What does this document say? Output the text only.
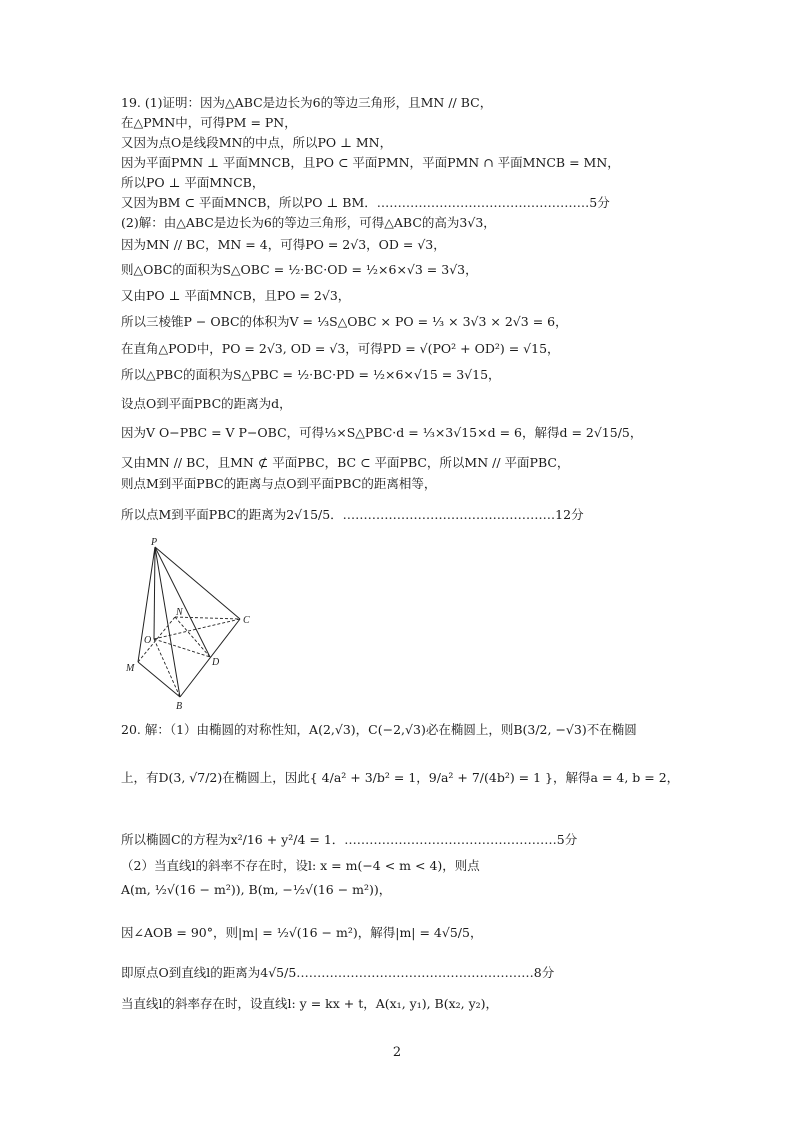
19. (1)证明：因为△ABC是边长为6的等边三角形，且MN // BC，
在△PMN中，可得PM = PN，
又因为点O是线段MN的中点，所以PO ⊥ MN，
因为平面PMN ⊥ 平面MNCB，且PO ⊂ 平面PMN，平面PMN ∩ 平面MNCB = MN，
所以PO ⊥ 平面MNCB，
又因为BM ⊂ 平面MNCB，所以PO ⊥ BM．……………………………………………5分
(2)解：由△ABC是边长为6的等边三角形，可得△ABC的高为3√3，
因为MN // BC，MN = 4，可得PO = 2√3，OD = √3，
则△OBC的面积为S△OBC = ½·BC·OD = ½×6×√3 = 3√3，
又由PO ⊥ 平面MNCB，且PO = 2√3，
所以三棱锥P − OBC的体积为V = ⅓S△OBC × PO = ⅓ × 3√3 × 2√3 = 6，
在直角△POD中，PO = 2√3, OD = √3，可得PD = √(PO² + OD²) = √15，
所以△PBC的面积为S△PBC = ½·BC·PD = ½×6×√15 = 3√15，
设点O到平面PBC的距离为d，
因为V O−PBC = V P−OBC，可得⅓×S△PBC·d = ⅓×3√15×d = 6，解得d = 2√15/5，
又由MN // BC，且MN ⊄ 平面PBC，BC ⊂ 平面PBC，所以MN // 平面PBC，
则点M到平面PBC的距离与点O到平面PBC的距离相等，
所以点M到平面PBC的距离为2√15/5．……………………………………………12分
20. 解：（1）由椭圆的对称性知，A(2,√3)，C(−2,√3)必在椭圆上，则B(3/2, −√3)不在椭圆
上，有D(3, √7/2)在椭圆上，因此{ 4/a² + 3/b² = 1，9/a² + 7/(4b²) = 1 }，解得a = 4, b = 2，
所以椭圆C的方程为x²/16 + y²/4 = 1．……………………………………………5分
（2）当直线l的斜率不存在时，设l: x = m(−4 < m < 4)，则点
A(m, ½√(16 − m²)), B(m, −½√(16 − m²))，
因∠AOB = 90°，则|m| = ½√(16 − m²)，解得|m| = 4√5/5，
即原点O到直线l的距离为4√5/5…………………………………………………8分
当直线l的斜率存在时，设直线l: y = kx + t，A(x₁, y₁), B(x₂, y₂)，
P
N
C
O
D
M
B
2
